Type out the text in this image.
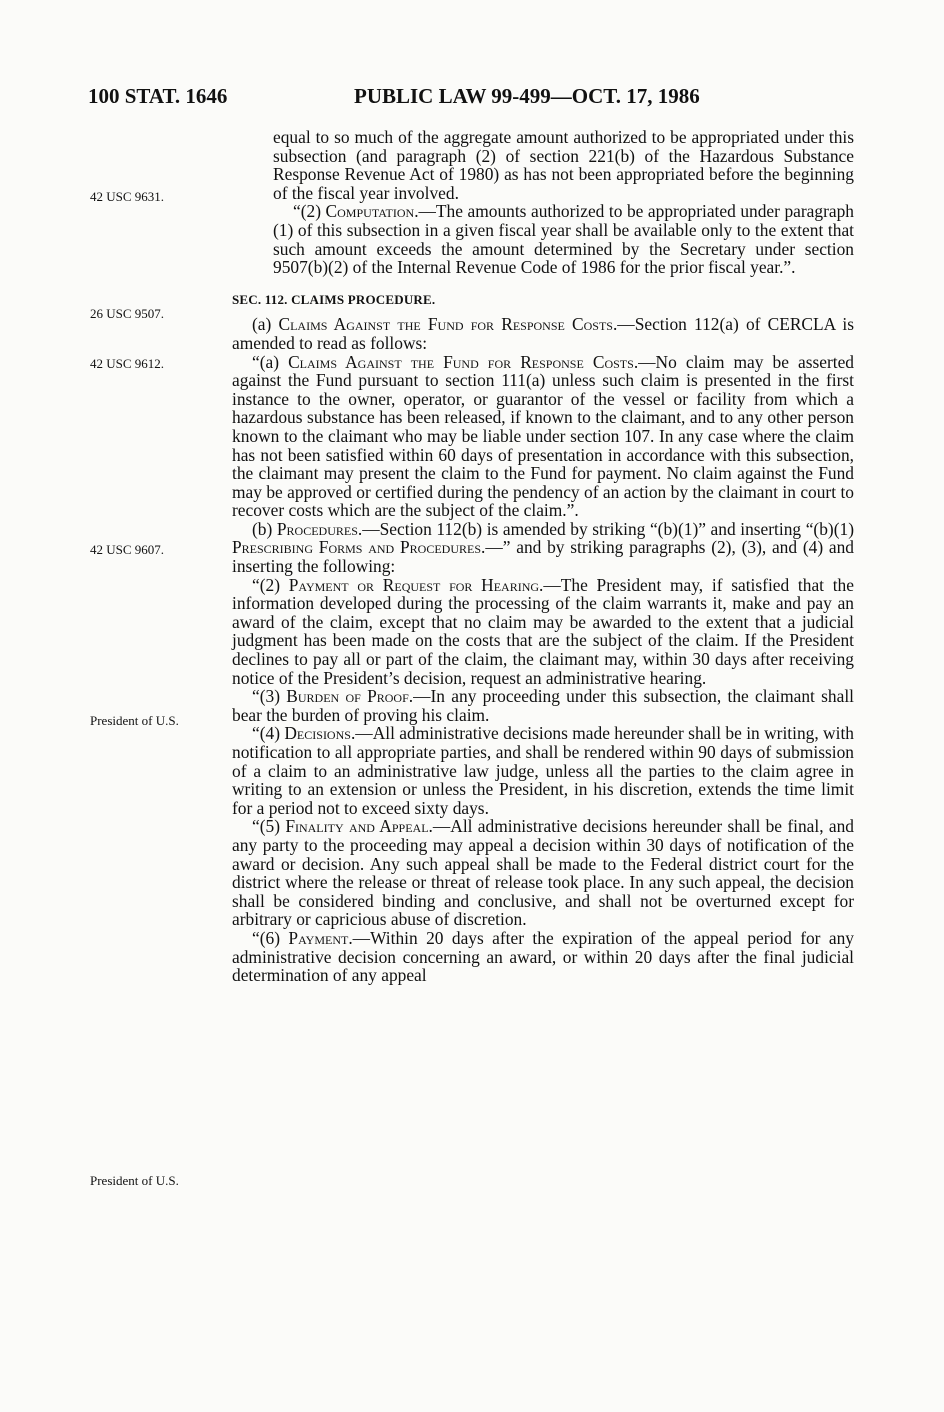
100 STAT. 1646	PUBLIC LAW 99-499—OCT. 17, 1986
42 USC 9631.
26 USC 9507.
42 USC 9612.
42 USC 9607.
President of U.S.
President of U.S.

equal to so much of the aggregate amount authorized to be appropriated under this subsection (and paragraph (2) of section 221(b) of the Hazardous Substance Response Revenue Act of 1980) as has not been appropriated before the beginning of the fiscal year involved.

“(2) Computation.—The amounts authorized to be appropriated under paragraph (1) of this subsection in a given fiscal year shall be available only to the extent that such amount exceeds the amount determined by the Secretary under section 9507(b)(2) of the Internal Revenue Code of 1986 for the prior fiscal year.”.

SEC. 112. CLAIMS PROCEDURE.

(a) Claims Against the Fund for Response Costs.—Section 112(a) of CERCLA is amended to read as follows:

“(a) Claims Against the Fund for Response Costs.—No claim may be asserted against the Fund pursuant to section 111(a) unless such claim is presented in the first instance to the owner, operator, or guarantor of the vessel or facility from which a hazardous substance has been released, if known to the claimant, and to any other person known to the claimant who may be liable under section 107. In any case where the claim has not been satisfied within 60 days of presentation in accordance with this subsection, the claimant may present the claim to the Fund for payment. No claim against the Fund may be approved or certified during the pendency of an action by the claimant in court to recover costs which are the subject of the claim.”.

(b) Procedures.—Section 112(b) is amended by striking “(b)(1)” and inserting “(b)(1) Prescribing Forms and Procedures.—” and by striking paragraphs (2), (3), and (4) and inserting the following:

“(2) Payment or Request for Hearing.—The President may, if satisfied that the information developed during the processing of the claim warrants it, make and pay an award of the claim, except that no claim may be awarded to the extent that a judicial judgment has been made on the costs that are the subject of the claim. If the President declines to pay all or part of the claim, the claimant may, within 30 days after receiving notice of the President’s decision, request an administrative hearing.

“(3) Burden of Proof.—In any proceeding under this subsection, the claimant shall bear the burden of proving his claim.

“(4) Decisions.—All administrative decisions made hereunder shall be in writing, with notification to all appropriate parties, and shall be rendered within 90 days of submission of a claim to an administrative law judge, unless all the parties to the claim agree in writing to an extension or unless the President, in his discretion, extends the time limit for a period not to exceed sixty days.

“(5) Finality and Appeal.—All administrative decisions hereunder shall be final, and any party to the proceeding may appeal a decision within 30 days of notification of the award or decision. Any such appeal shall be made to the Federal district court for the district where the release or threat of release took place. In any such appeal, the decision shall be considered binding and conclusive, and shall not be overturned except for arbitrary or capricious abuse of discretion.

“(6) Payment.—Within 20 days after the expiration of the appeal period for any administrative decision concerning an award, or within 20 days after the final judicial determination of any appeal
